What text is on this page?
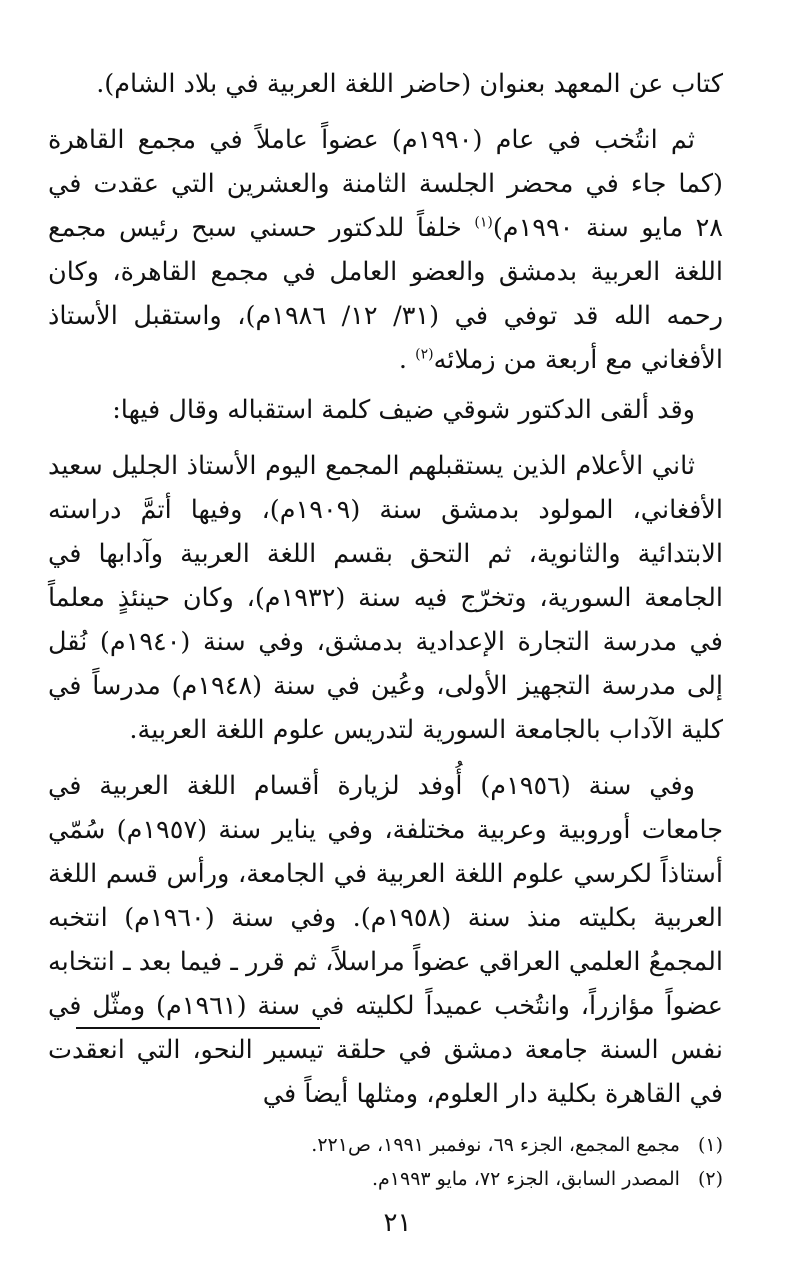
كتاب عن المعهد بعنوان (حاضر اللغة العربية في بلاد الشام).

ثم انتُخب في عام (١٩٩٠م) عضواً عاملاً في مجمع القاهرة (كما جاء في محضر الجلسة الثامنة والعشرين التي عقدت في ٢٨ مايو سنة ١٩٩٠م)$^{(١)}$ خلفاً للدكتور حسني سبح رئيس مجمع اللغة العربية بدمشق والعضو العامل في مجمع القاهرة، وكان رحمه الله قد توفي في (٣١/ ١٢/ ١٩٨٦م)، واستقبل الأستاذ الأفغاني مع أربعة من زملائه$^{(٢)}$ .

وقد ألقى الدكتور شوقي ضيف كلمة استقباله وقال فيها:

ثاني الأعلام الذين يستقبلهم المجمع اليوم الأستاذ الجليل سعيد الأفغاني، المولود بدمشق سنة (١٩٠٩م)، وفيها أتمَّ دراسته الابتدائية والثانوية، ثم التحق بقسم اللغة العربية وآدابها في الجامعة السورية، وتخرّج فيه سنة (١٩٣٢م)، وكان حينئذٍ معلماً في مدرسة التجارة الإعدادية بدمشق، وفي سنة (١٩٤٠م) نُقل إلى مدرسة التجهيز الأولى، وعُين في سنة (١٩٤٨م) مدرساً في كلية الآداب بالجامعة السورية لتدريس علوم اللغة العربية.

وفي سنة (١٩٥٦م) أُوفد لزيارة أقسام اللغة العربية في جامعات أوروبية وعربية مختلفة، وفي يناير سنة (١٩٥٧م) سُمّي أستاذاً لكرسي علوم اللغة العربية في الجامعة، ورأس قسم اللغة العربية بكليته منذ سنة (١٩٥٨م). وفي سنة (١٩٦٠م) انتخبه المجمعُ العلمي العراقي عضواً مراسلاً، ثم قرر ـ فيما بعد ـ انتخابه عضواً مؤازراً، وانتُخب عميداً لكليته في سنة (١٩٦١م) ومثّل في نفس السنة جامعة دمشق في حلقة تيسير النحو، التي انعقدت في القاهرة بكلية دار العلوم، ومثلها أيضاً في

(١)
مجمع المجمع، الجزء ٦٩، نوفمبر ١٩٩١، ص٢٢١.
(٢)
المصدر السابق، الجزء ٧٢، مايو ١٩٩٣م.
٢١
